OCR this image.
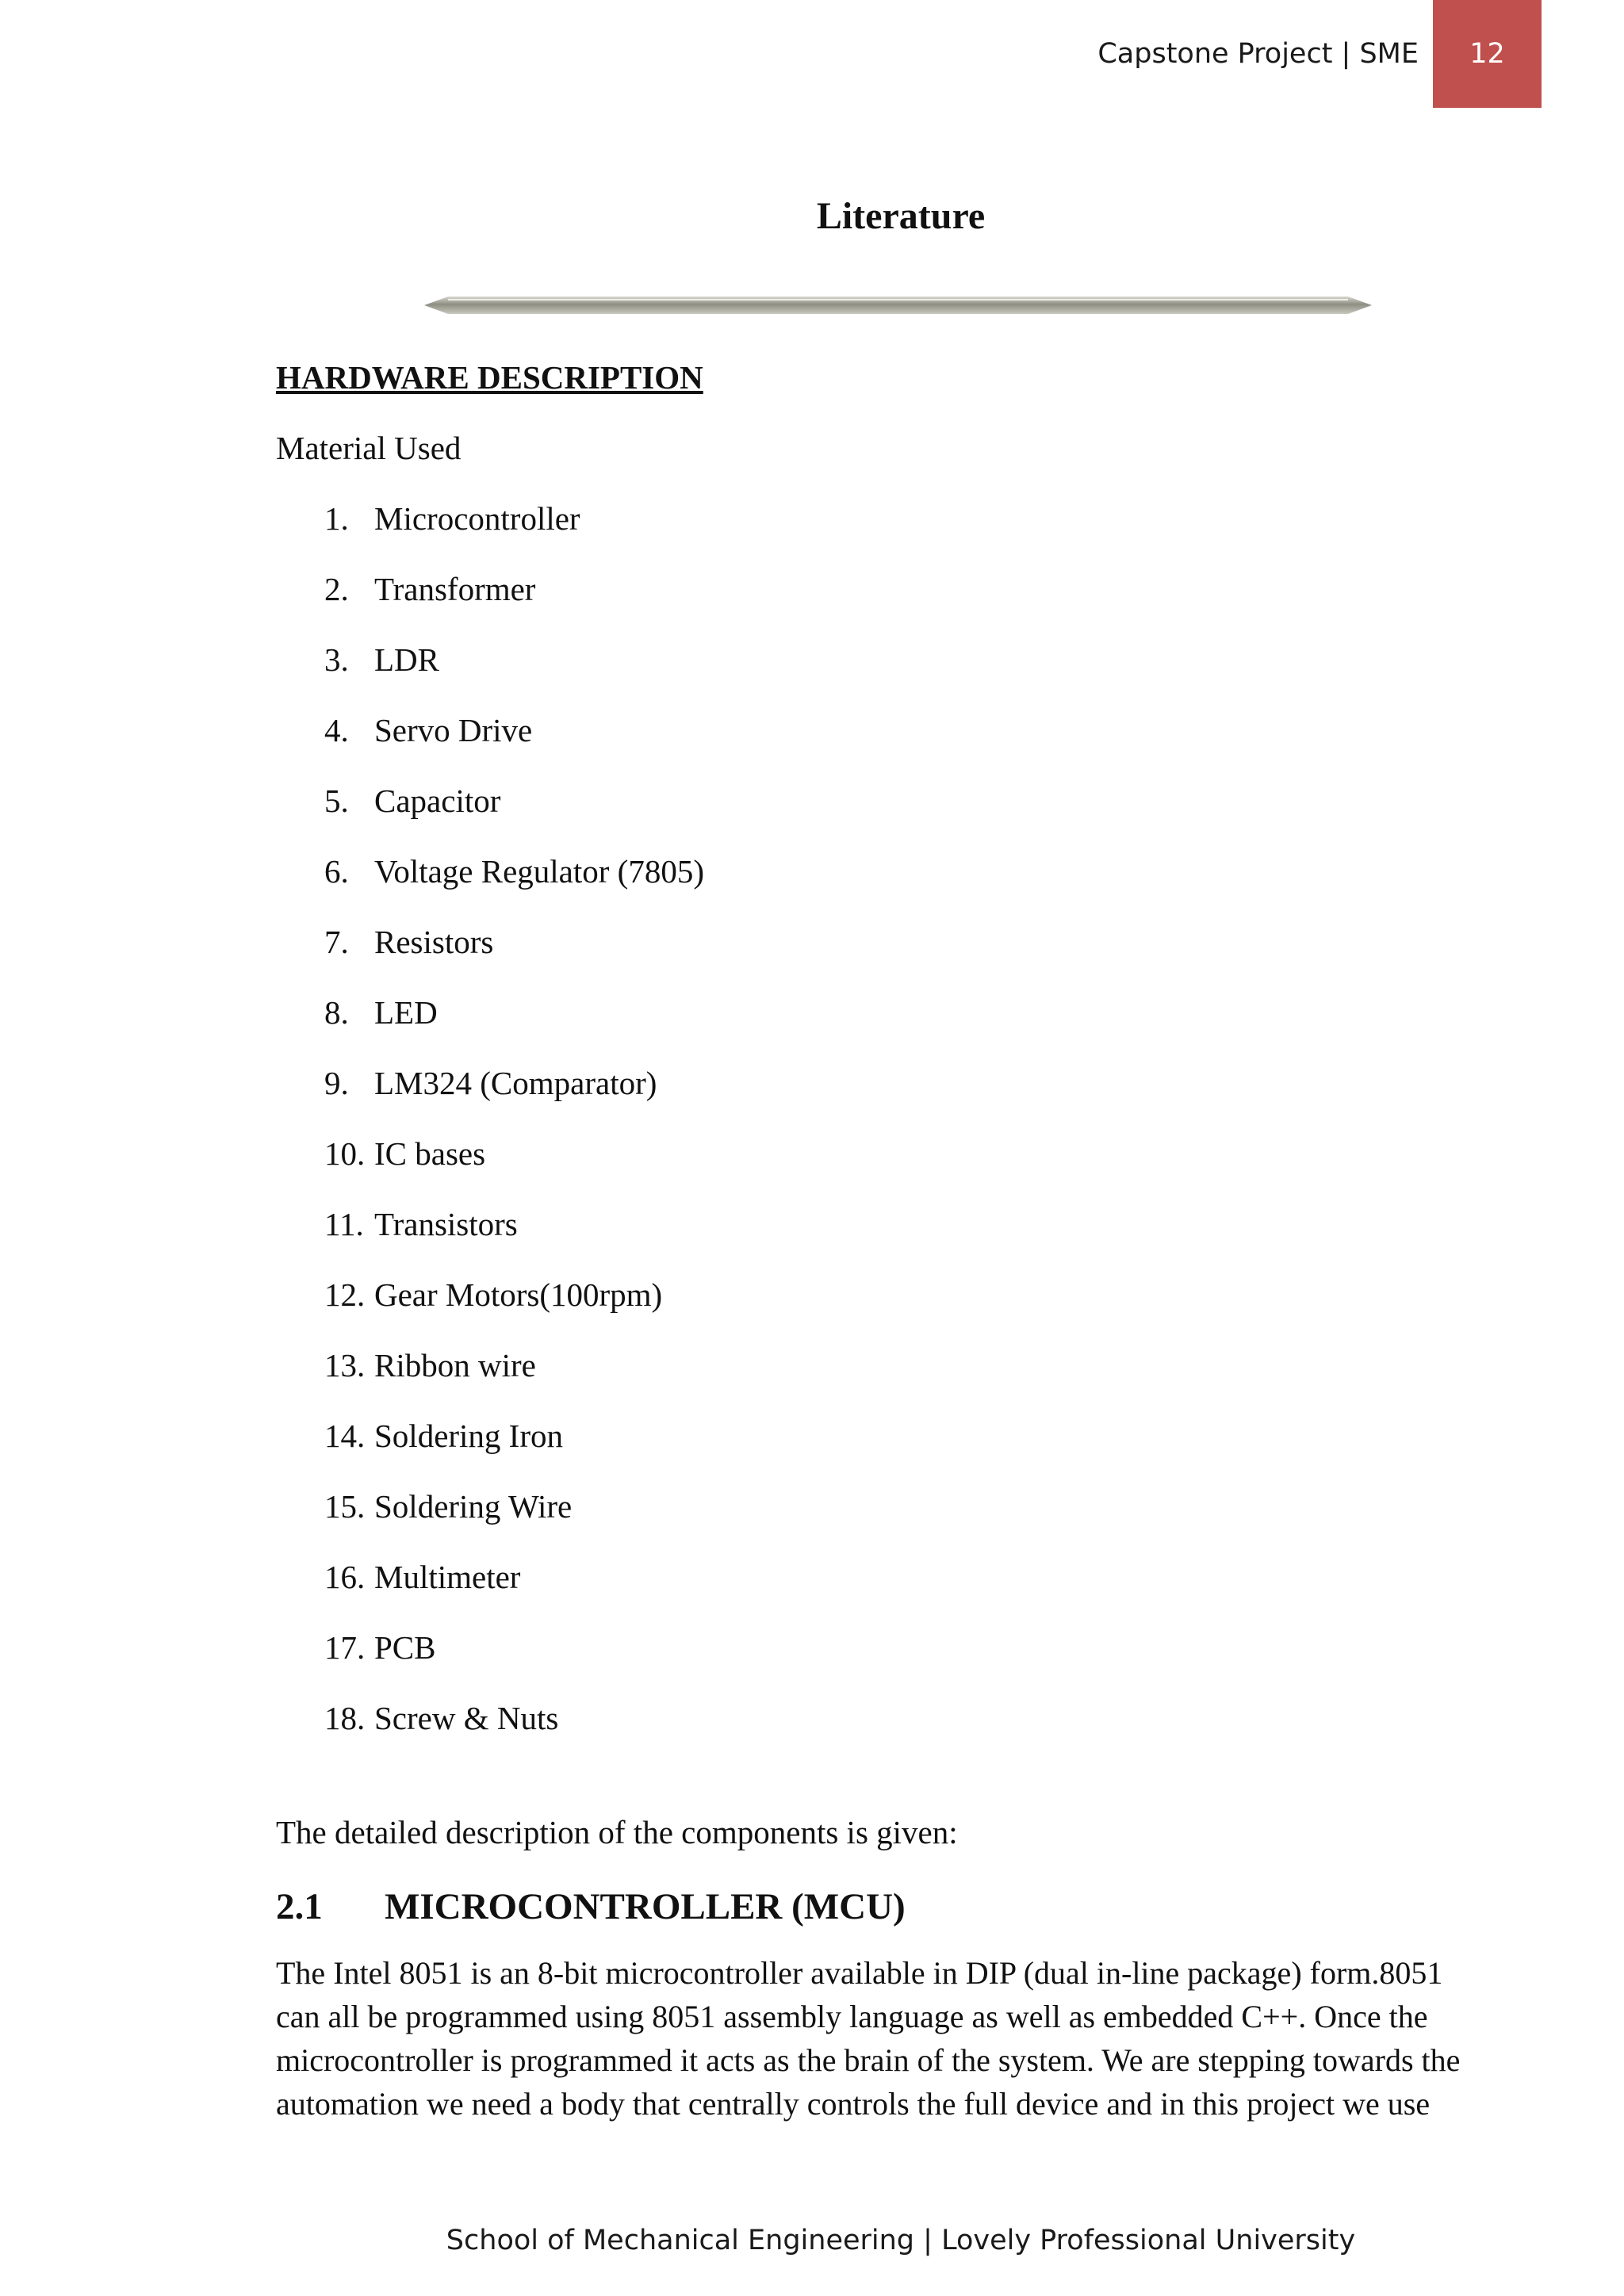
Capstone Project | SME 12
Literature
HARDWARE DESCRIPTION
Material Used
1. Microcontroller
2. Transformer
3. LDR
4. Servo Drive
5. Capacitor
6. Voltage Regulator (7805)
7. Resistors
8. LED
9. LM324 (Comparator)
10. IC bases
11. Transistors
12. Gear Motors(100rpm)
13. Ribbon wire
14. Soldering Iron
15. Soldering Wire
16. Multimeter
17. PCB
18. Screw & Nuts
The detailed description of the components is given:
2.1	MICROCONTROLLER (MCU)
The Intel 8051 is an 8-bit microcontroller available in DIP (dual in-line package) form.8051
can all be programmed using 8051 assembly language as well as embedded C++. Once the
microcontroller is programmed it acts as the brain of the system. We are stepping towards the
automation we need a body that centrally controls the full device and in this project we use
School of Mechanical Engineering | Lovely Professional University
